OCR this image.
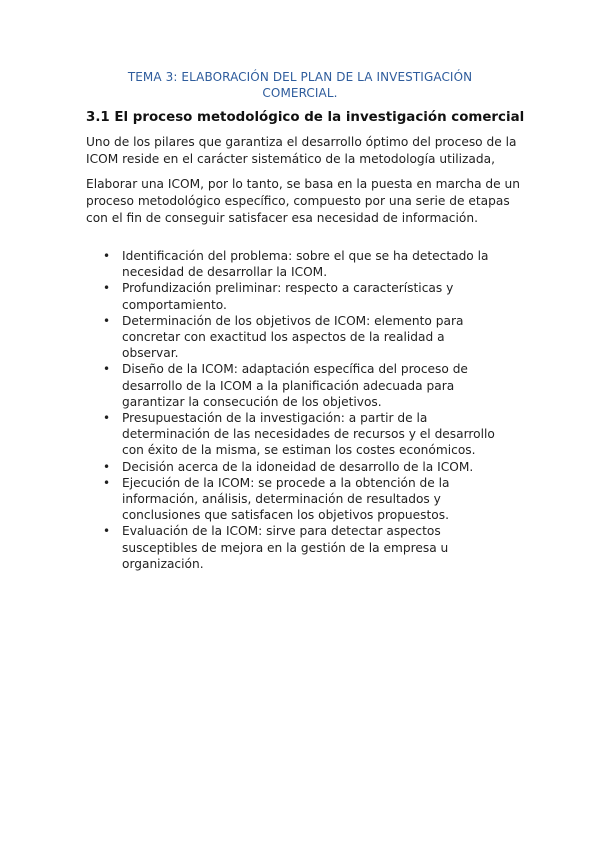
TEMA 3: ELABORACIÓN DEL PLAN DE LA INVESTIGACIÓN COMERCIAL.
3.1 El proceso metodológico de la investigación comercial

Uno de los pilares que garantiza el desarrollo óptimo del proceso de la ICOM reside en el carácter sistemático de la metodología utilizada,

Elaborar una ICOM, por lo tanto, se basa en la puesta en marcha de un proceso metodológico específico, compuesto por una serie de etapas con el fin de conseguir satisfacer esa necesidad de información.

• Identificación del problema: sobre el que se ha detectado la necesidad de desarrollar la ICOM.
• Profundización preliminar: respecto a características y comportamiento.
• Determinación de los objetivos de ICOM: elemento para concretar con exactitud los aspectos de la realidad a observar.
• Diseño de la ICOM: adaptación específica del proceso de desarrollo de la ICOM a la planificación adecuada para garantizar la consecución de los objetivos.
• Presupuestación de la investigación: a partir de la determinación de las necesidades de recursos y el desarrollo con éxito de la misma, se estiman los costes económicos.
• Decisión acerca de la idoneidad de desarrollo de la ICOM.
• Ejecución de la ICOM: se procede a la obtención de la información, análisis, determinación de resultados y conclusiones que satisfacen los objetivos propuestos.
• Evaluación de la ICOM: sirve para detectar aspectos susceptibles de mejora en la gestión de la empresa u organización.
